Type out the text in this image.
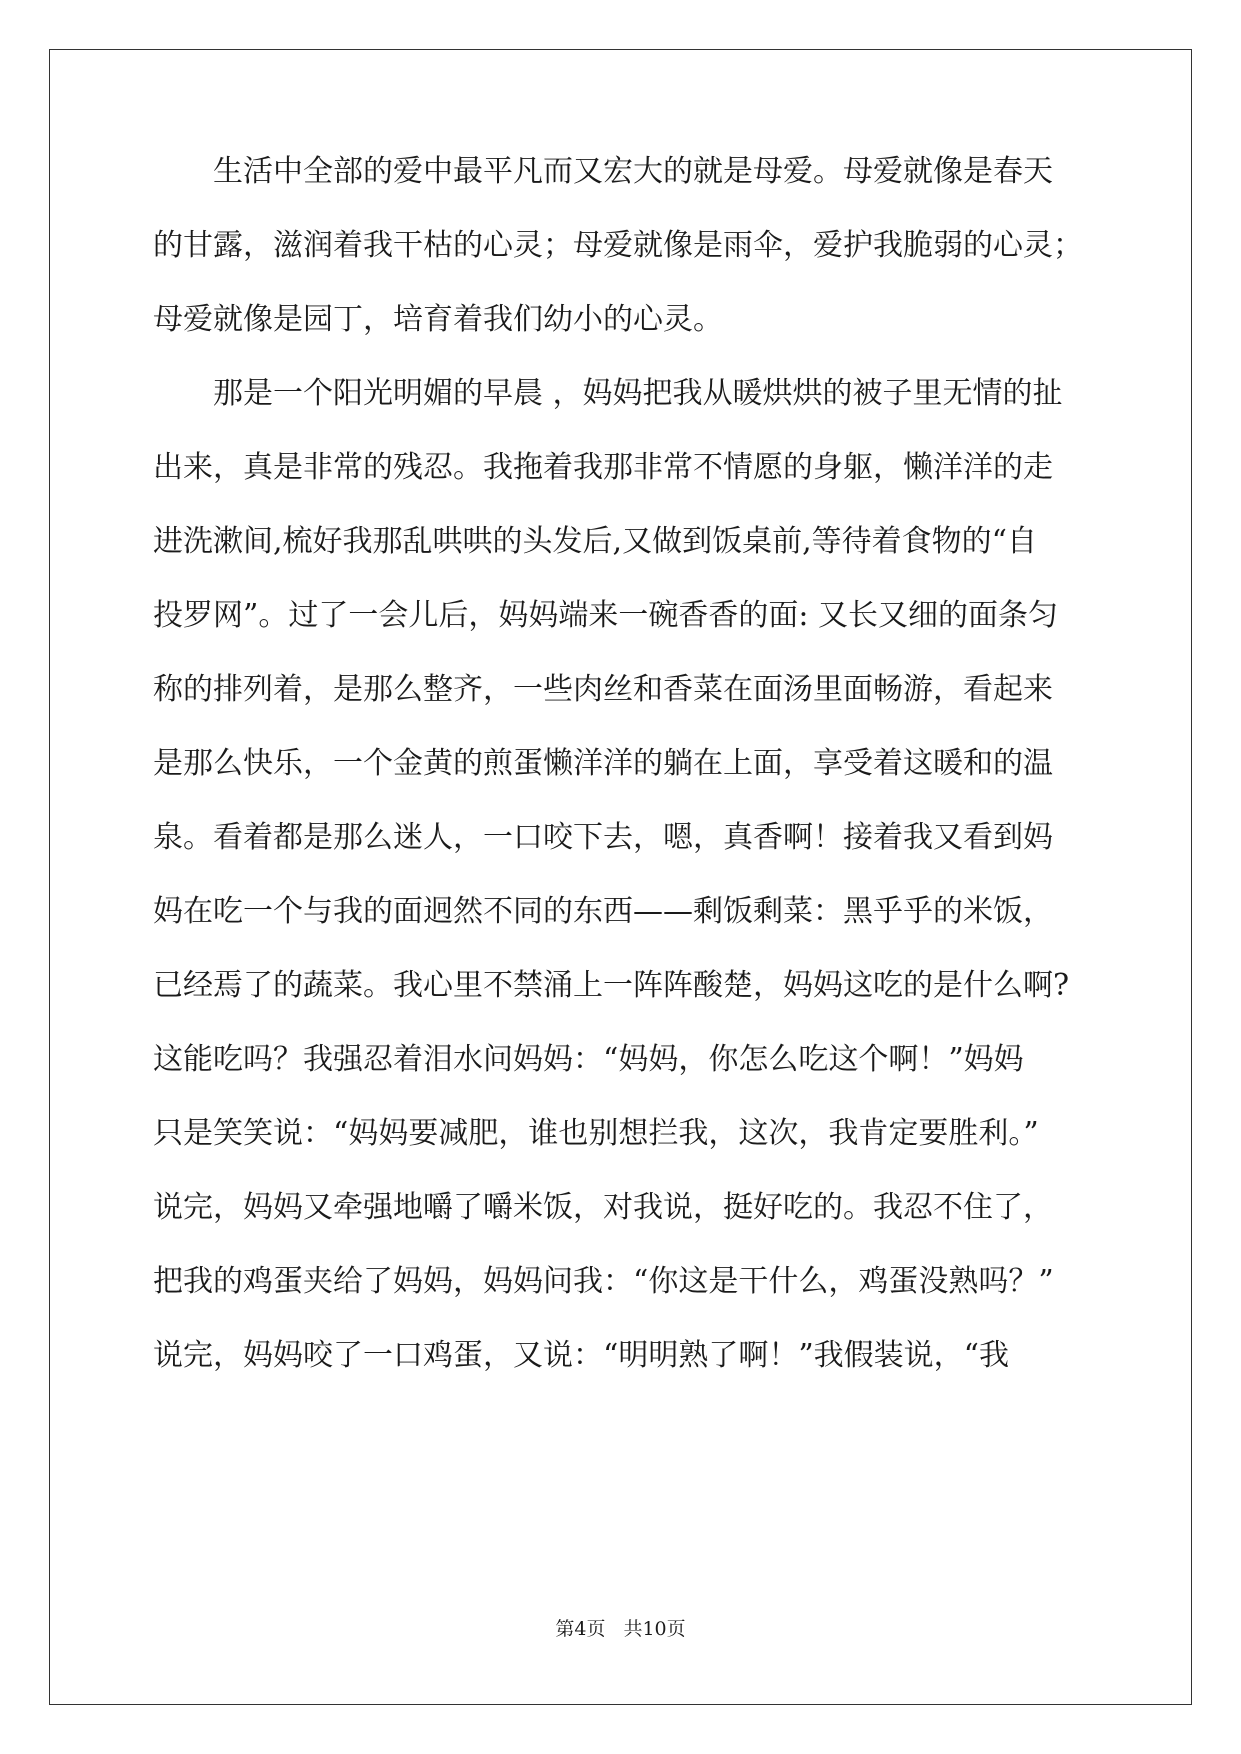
　　生活中全部的爱中最平凡而又宏大的就是母爱。母爱就像是春天
的甘露，滋润着我干枯的心灵；母爱就像是雨伞，爱护我脆弱的心灵；
母爱就像是园丁，培育着我们幼小的心灵。
　　那是一个阳光明媚的早晨 ，妈妈把我从暖烘烘的被子里无情的扯
出来，真是非常的残忍。我拖着我那非常不情愿的身躯，懒洋洋的走
进洗漱间,梳好我那乱哄哄的头发后,又做到饭桌前,等待着食物的“自
投罗网”。过了一会儿后，妈妈端来一碗香香的面: 又长又细的面条匀
称的排列着，是那么整齐，一些肉丝和香菜在面汤里面畅游，看起来
是那么快乐，一个金黄的煎蛋懒洋洋的躺在上面，享受着这暖和的温
泉。看着都是那么迷人，一口咬下去，嗯，真香啊！接着我又看到妈
妈在吃一个与我的面迥然不同的东西——剩饭剩菜：黑乎乎的米饭，
已经焉了的蔬菜。我心里不禁涌上一阵阵酸楚，妈妈这吃的是什么啊?
这能吃吗？我强忍着泪水问妈妈：“妈妈，你怎么吃这个啊！”妈妈
只是笑笑说：“妈妈要减肥，谁也别想拦我，这次，我肯定要胜利。”
说完，妈妈又牵强地嚼了嚼米饭，对我说，挺好吃的。我忍不住了，
把我的鸡蛋夹给了妈妈，妈妈问我：“你这是干什么，鸡蛋没熟吗？”
说完，妈妈咬了一口鸡蛋，又说：“明明熟了啊！”我假装说，“我
第4页 共10页
